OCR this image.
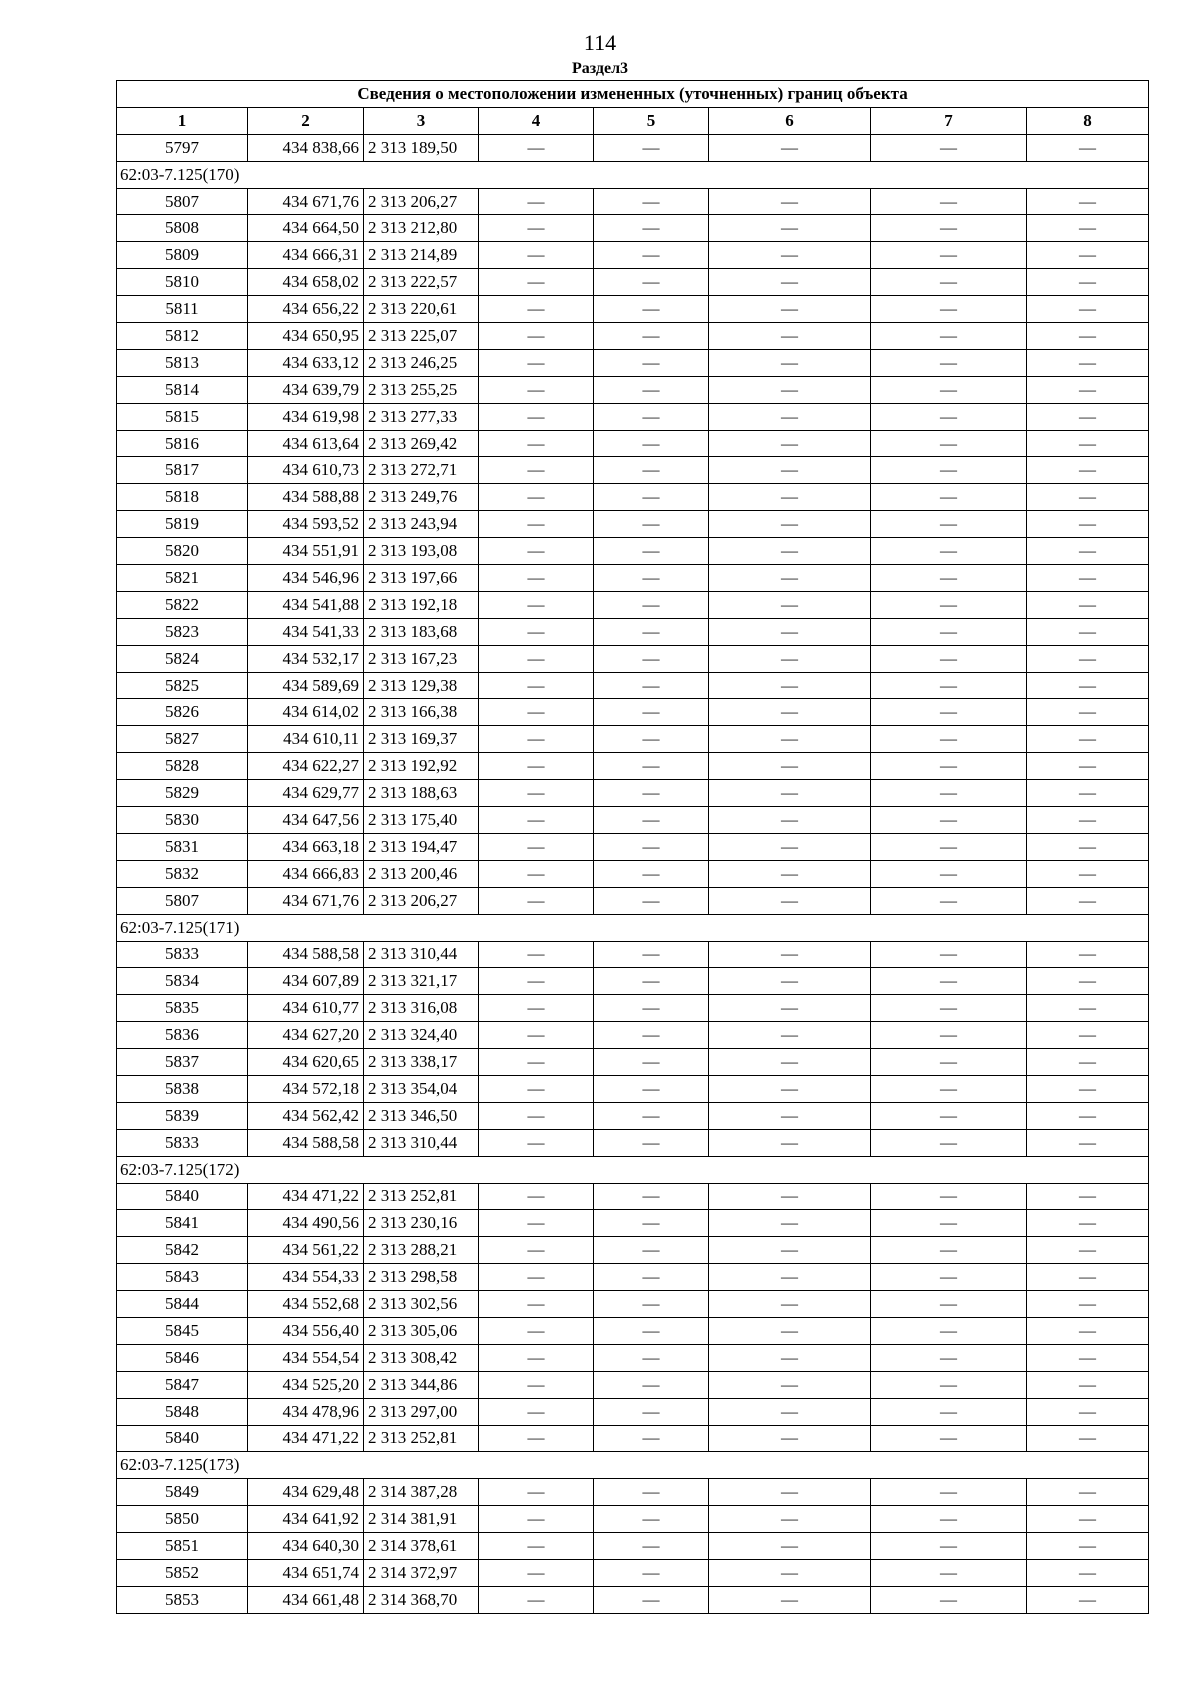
114
Раздел3
Сведения о местоположении измененных (уточненных) границ объекта							
1	2	3	4	5	6	7	8
5797	434 838,66	2 313 189,50	—	—	—	—	—
62:03-7.125(170)							
5807	434 671,76	2 313 206,27	—	—	—	—	—
5808	434 664,50	2 313 212,80	—	—	—	—	—
5809	434 666,31	2 313 214,89	—	—	—	—	—
5810	434 658,02	2 313 222,57	—	—	—	—	—
5811	434 656,22	2 313 220,61	—	—	—	—	—
5812	434 650,95	2 313 225,07	—	—	—	—	—
5813	434 633,12	2 313 246,25	—	—	—	—	—
5814	434 639,79	2 313 255,25	—	—	—	—	—
5815	434 619,98	2 313 277,33	—	—	—	—	—
5816	434 613,64	2 313 269,42	—	—	—	—	—
5817	434 610,73	2 313 272,71	—	—	—	—	—
5818	434 588,88	2 313 249,76	—	—	—	—	—
5819	434 593,52	2 313 243,94	—	—	—	—	—
5820	434 551,91	2 313 193,08	—	—	—	—	—
5821	434 546,96	2 313 197,66	—	—	—	—	—
5822	434 541,88	2 313 192,18	—	—	—	—	—
5823	434 541,33	2 313 183,68	—	—	—	—	—
5824	434 532,17	2 313 167,23	—	—	—	—	—
5825	434 589,69	2 313 129,38	—	—	—	—	—
5826	434 614,02	2 313 166,38	—	—	—	—	—
5827	434 610,11	2 313 169,37	—	—	—	—	—
5828	434 622,27	2 313 192,92	—	—	—	—	—
5829	434 629,77	2 313 188,63	—	—	—	—	—
5830	434 647,56	2 313 175,40	—	—	—	—	—
5831	434 663,18	2 313 194,47	—	—	—	—	—
5832	434 666,83	2 313 200,46	—	—	—	—	—
5807	434 671,76	2 313 206,27	—	—	—	—	—
62:03-7.125(171)							
5833	434 588,58	2 313 310,44	—	—	—	—	—
5834	434 607,89	2 313 321,17	—	—	—	—	—
5835	434 610,77	2 313 316,08	—	—	—	—	—
5836	434 627,20	2 313 324,40	—	—	—	—	—
5837	434 620,65	2 313 338,17	—	—	—	—	—
5838	434 572,18	2 313 354,04	—	—	—	—	—
5839	434 562,42	2 313 346,50	—	—	—	—	—
5833	434 588,58	2 313 310,44	—	—	—	—	—
62:03-7.125(172)							
5840	434 471,22	2 313 252,81	—	—	—	—	—
5841	434 490,56	2 313 230,16	—	—	—	—	—
5842	434 561,22	2 313 288,21	—	—	—	—	—
5843	434 554,33	2 313 298,58	—	—	—	—	—
5844	434 552,68	2 313 302,56	—	—	—	—	—
5845	434 556,40	2 313 305,06	—	—	—	—	—
5846	434 554,54	2 313 308,42	—	—	—	—	—
5847	434 525,20	2 313 344,86	—	—	—	—	—
5848	434 478,96	2 313 297,00	—	—	—	—	—
5840	434 471,22	2 313 252,81	—	—	—	—	—
62:03-7.125(173)							
5849	434 629,48	2 314 387,28	—	—	—	—	—
5850	434 641,92	2 314 381,91	—	—	—	—	—
5851	434 640,30	2 314 378,61	—	—	—	—	—
5852	434 651,74	2 314 372,97	—	—	—	—	—
5853	434 661,48	2 314 368,70	—	—	—	—	—
